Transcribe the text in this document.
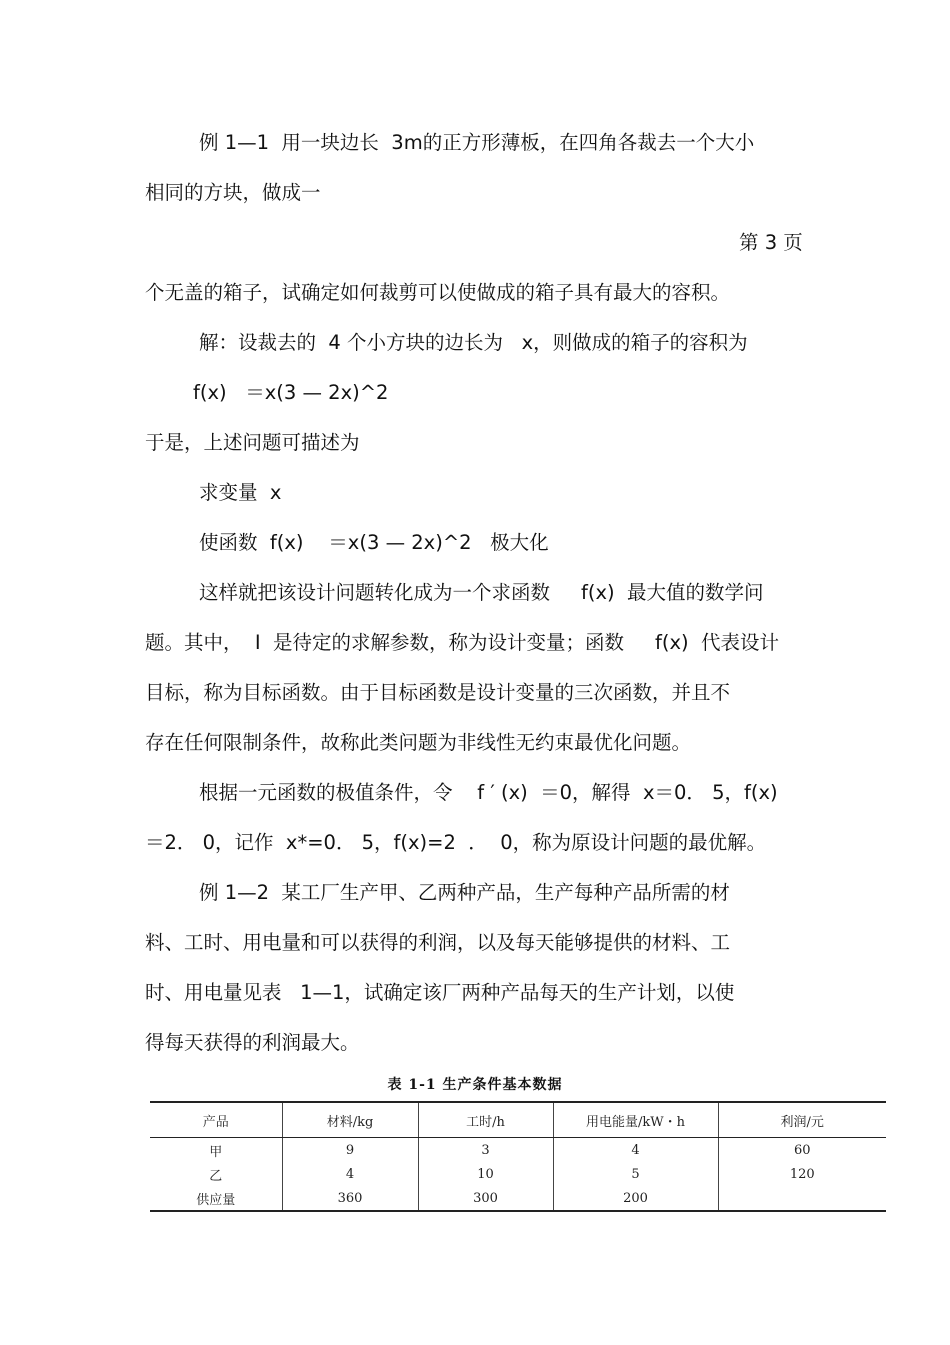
例 1—1  用一块边长  3m的正方形薄板，在四角各裁去一个大小
相同的方块，做成一
第 3 页
个无盖的箱子，试确定如何裁剪可以使做成的箱子具有最大的容积。
解：设裁去的  4 个小方块的边长为   x，则做成的箱子的容积为
f(x)   ＝x(3 — 2x)^2
于是，上述问题可描述为
求变量  x
使函数  f(x)    ＝x(3 — 2x)^2   极大化
这样就把该设计问题转化成为一个求函数     f(x)  最大值的数学问
题。其中，  I  是待定的求解参数，称为设计变量；函数     f(x)  代表设计
目标，称为目标函数。由于目标函数是设计变量的三次函数，并且不
存在任何限制条件，故称此类问题为非线性无约束最优化问题。
根据一元函数的极值条件，令    f ′ (x)  ＝0，解得  x＝0． 5，f(x)
＝2． 0，记作  x*=0． 5，f(x)=2  ．  0，称为原设计问题的最优解。
例 1—2  某工厂生产甲、乙两种产品，生产每种产品所需的材
料、工时、用电量和可以获得的利润，以及每天能够提供的材料、工
时、用电量见表   1—1，试确定该厂两种产品每天的生产计划，以使
得每天获得的利润最大。
表 1-1 生产条件基本数据
产品	材料/kg	工时/h	用电能量/kW・h	利润/元
甲	9	3	4	60
乙	4	10	5	120
供应量	360	300	200	
